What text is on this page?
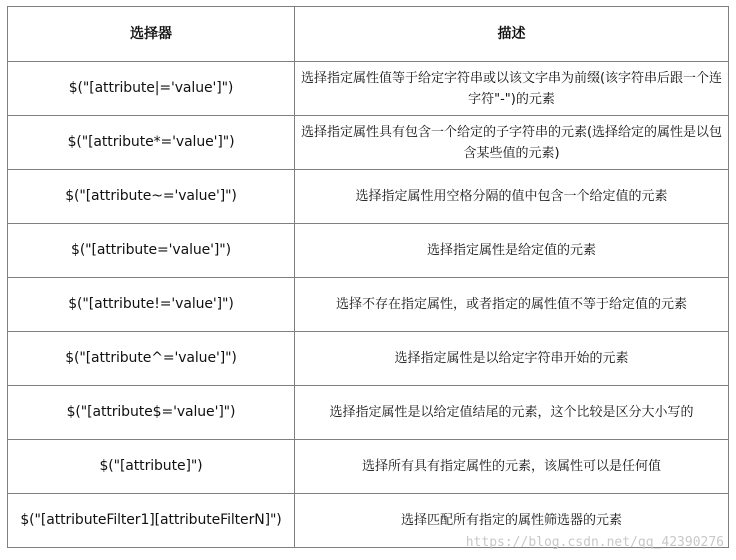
选择器	描述
$("[attribute|='value']")	选择指定属性值等于给定字符串或以该文字串为前缀(该字符串后跟一个连字符"-")的元素
$("[attribute*='value']")	选择指定属性具有包含一个给定的子字符串的元素(选择给定的属性是以包含某些值的元素)
$("[attribute~='value']")	选择指定属性用空格分隔的值中包含一个给定值的元素
$("[attribute='value']")	选择指定属性是给定值的元素
$("[attribute!='value']")	选择不存在指定属性，或者指定的属性值不等于给定值的元素
$("[attribute^='value']")	选择指定属性是以给定字符串开始的元素
$("[attribute$='value']")	选择指定属性是以给定值结尾的元素，这个比较是区分大小写的
$("[attribute]")	选择所有具有指定属性的元素，该属性可以是任何值
$("[attributeFilter1][attributeFilterN]")	选择匹配所有指定的属性筛选器的元素
https://blog.csdn.net/qq_42390276
